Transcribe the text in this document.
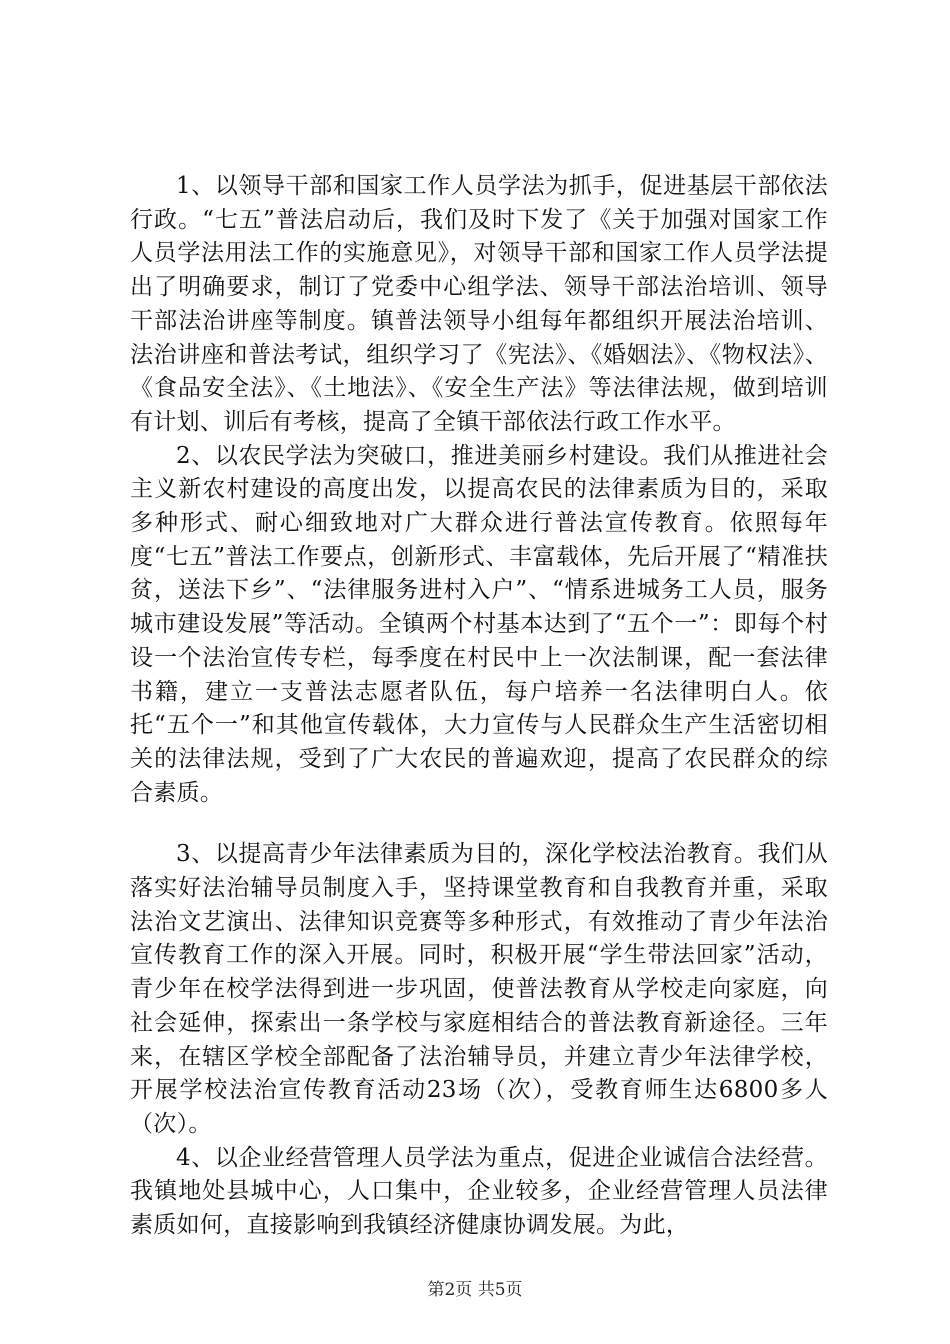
1、以领导干部和国家工作人员学法为抓手，促进基层干部依法行政。“七五”普法启动后，我们及时下发了《关于加强对国家工作人员学法用法工作的实施意见》，对领导干部和国家工作人员学法提出了明确要求，制订了党委中心组学法、领导干部法治培训、领导干部法治讲座等制度。镇普法领导小组每年都组织开展法治培训、法治讲座和普法考试，组织学习了《宪法》、《婚姻法》、《物权法》、《食品安全法》、《土地法》、《安全生产法》等法律法规，做到培训有计划、训后有考核，提高了全镇干部依法行政工作水平。

2、以农民学法为突破口，推进美丽乡村建设。我们从推进社会主义新农村建设的高度出发，以提高农民的法律素质为目的，采取多种形式、耐心细致地对广大群众进行普法宣传教育。依照每年度“七五”普法工作要点，创新形式、丰富载体，先后开展了“精准扶贫，送法下乡”、“法律服务进村入户”、“情系进城务工人员，服务城市建设发展”等活动。全镇两个村基本达到了“五个一”：即每个村设一个法治宣传专栏，每季度在村民中上一次法制课，配一套法律书籍，建立一支普法志愿者队伍，每户培养一名法律明白人。依托“五个一”和其他宣传载体，大力宣传与人民群众生产生活密切相关的法律法规，受到了广大农民的普遍欢迎，提高了农民群众的综合素质。

3、以提高青少年法律素质为目的，深化学校法治教育。我们从落实好法治辅导员制度入手，坚持课堂教育和自我教育并重，采取法治文艺演出、法律知识竞赛等多种形式，有效推动了青少年法治宣传教育工作的深入开展。同时，积极开展“学生带法回家”活动，青少年在校学法得到进一步巩固，使普法教育从学校走向家庭，向社会延伸，探索出一条学校与家庭相结合的普法教育新途径。三年来，在辖区学校全部配备了法治辅导员，并建立青少年法律学校，开展学校法治宣传教育活动23场（次），受教育师生达6800多人（次）。

4、以企业经营管理人员学法为重点，促进企业诚信合法经营。我镇地处县城中心，人口集中，企业较多，企业经营管理人员法律素质如何，直接影响到我镇经济健康协调发展。为此，

第2页 共5页
